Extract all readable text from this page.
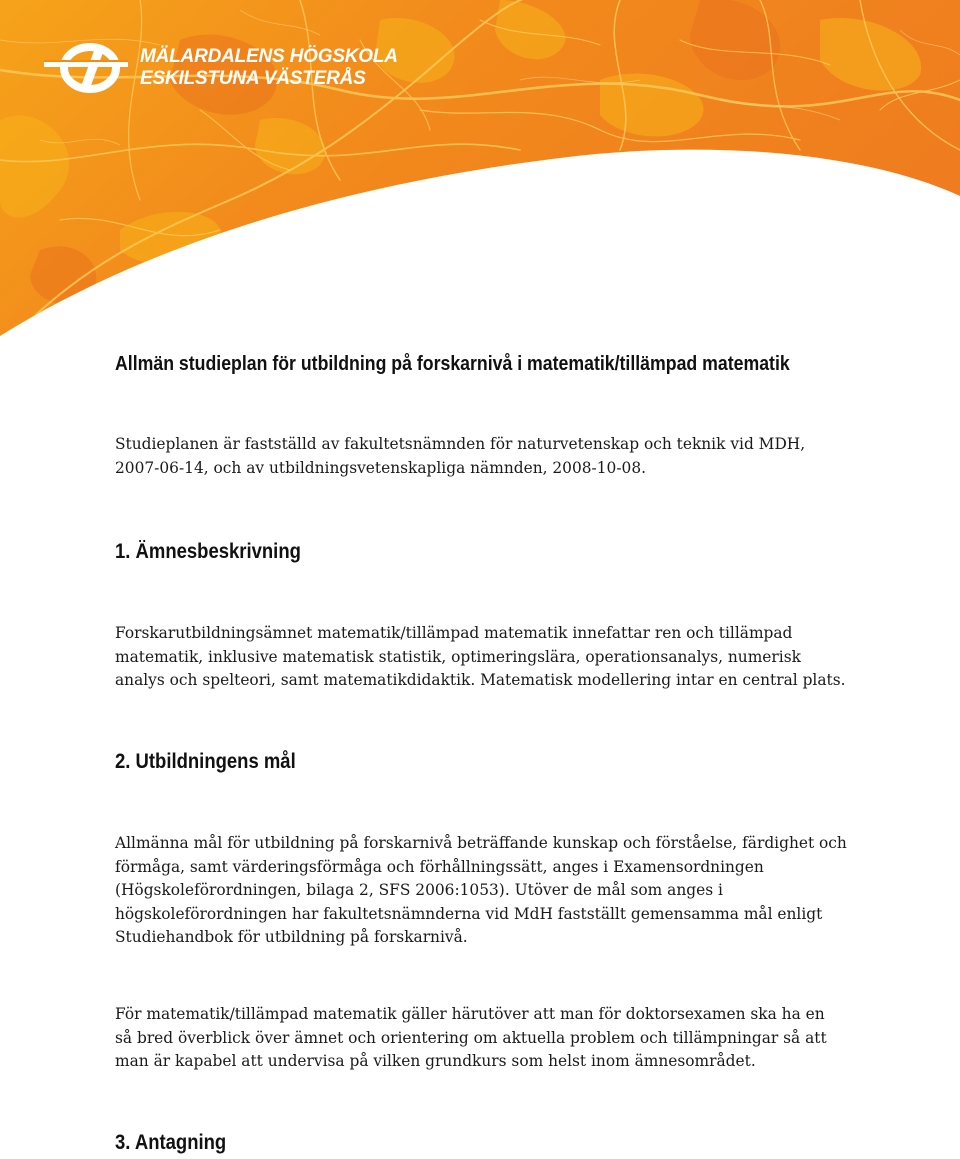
MÄLARDALENS HÖGSKOLA
ESKILSTUNA VÄSTERÅS
Allmän studieplan för utbildning på forskarnivå i matematik/tillämpad matematik

Studieplanen är fastställd av fakultetsnämnden för naturvetenskap och teknik vid MDH,
2007-06-14, och av utbildningsvetenskapliga nämnden, 2008-10-08.

1. Ämnesbeskrivning

Forskarutbildningsämnet matematik/tillämpad matematik innefattar ren och tillämpad
matematik, inklusive matematisk statistik, optimeringslära, operationsanalys, numerisk
analys och spelteori, samt matematikdidaktik. Matematisk modellering intar en central plats.

2. Utbildningens mål

Allmänna mål för utbildning på forskarnivå beträffande kunskap och förståelse, färdighet och
förmåga, samt värderingsförmåga och förhållningssätt, anges i Examensordningen
(Högskoleförordningen, bilaga 2, SFS 2006:1053). Utöver de mål som anges i
högskoleförordningen har fakultetsnämnderna vid MdH fastställt gemensamma mål enligt
Studiehandbok för utbildning på forskarnivå.

För matematik/tillämpad matematik gäller härutöver att man för doktorsexamen ska ha en
så bred överblick över ämnet och orientering om aktuella problem och tillämpningar så att
man är kapabel att undervisa på vilken grundkurs som helst inom ämnesområdet.

3. Antagning
